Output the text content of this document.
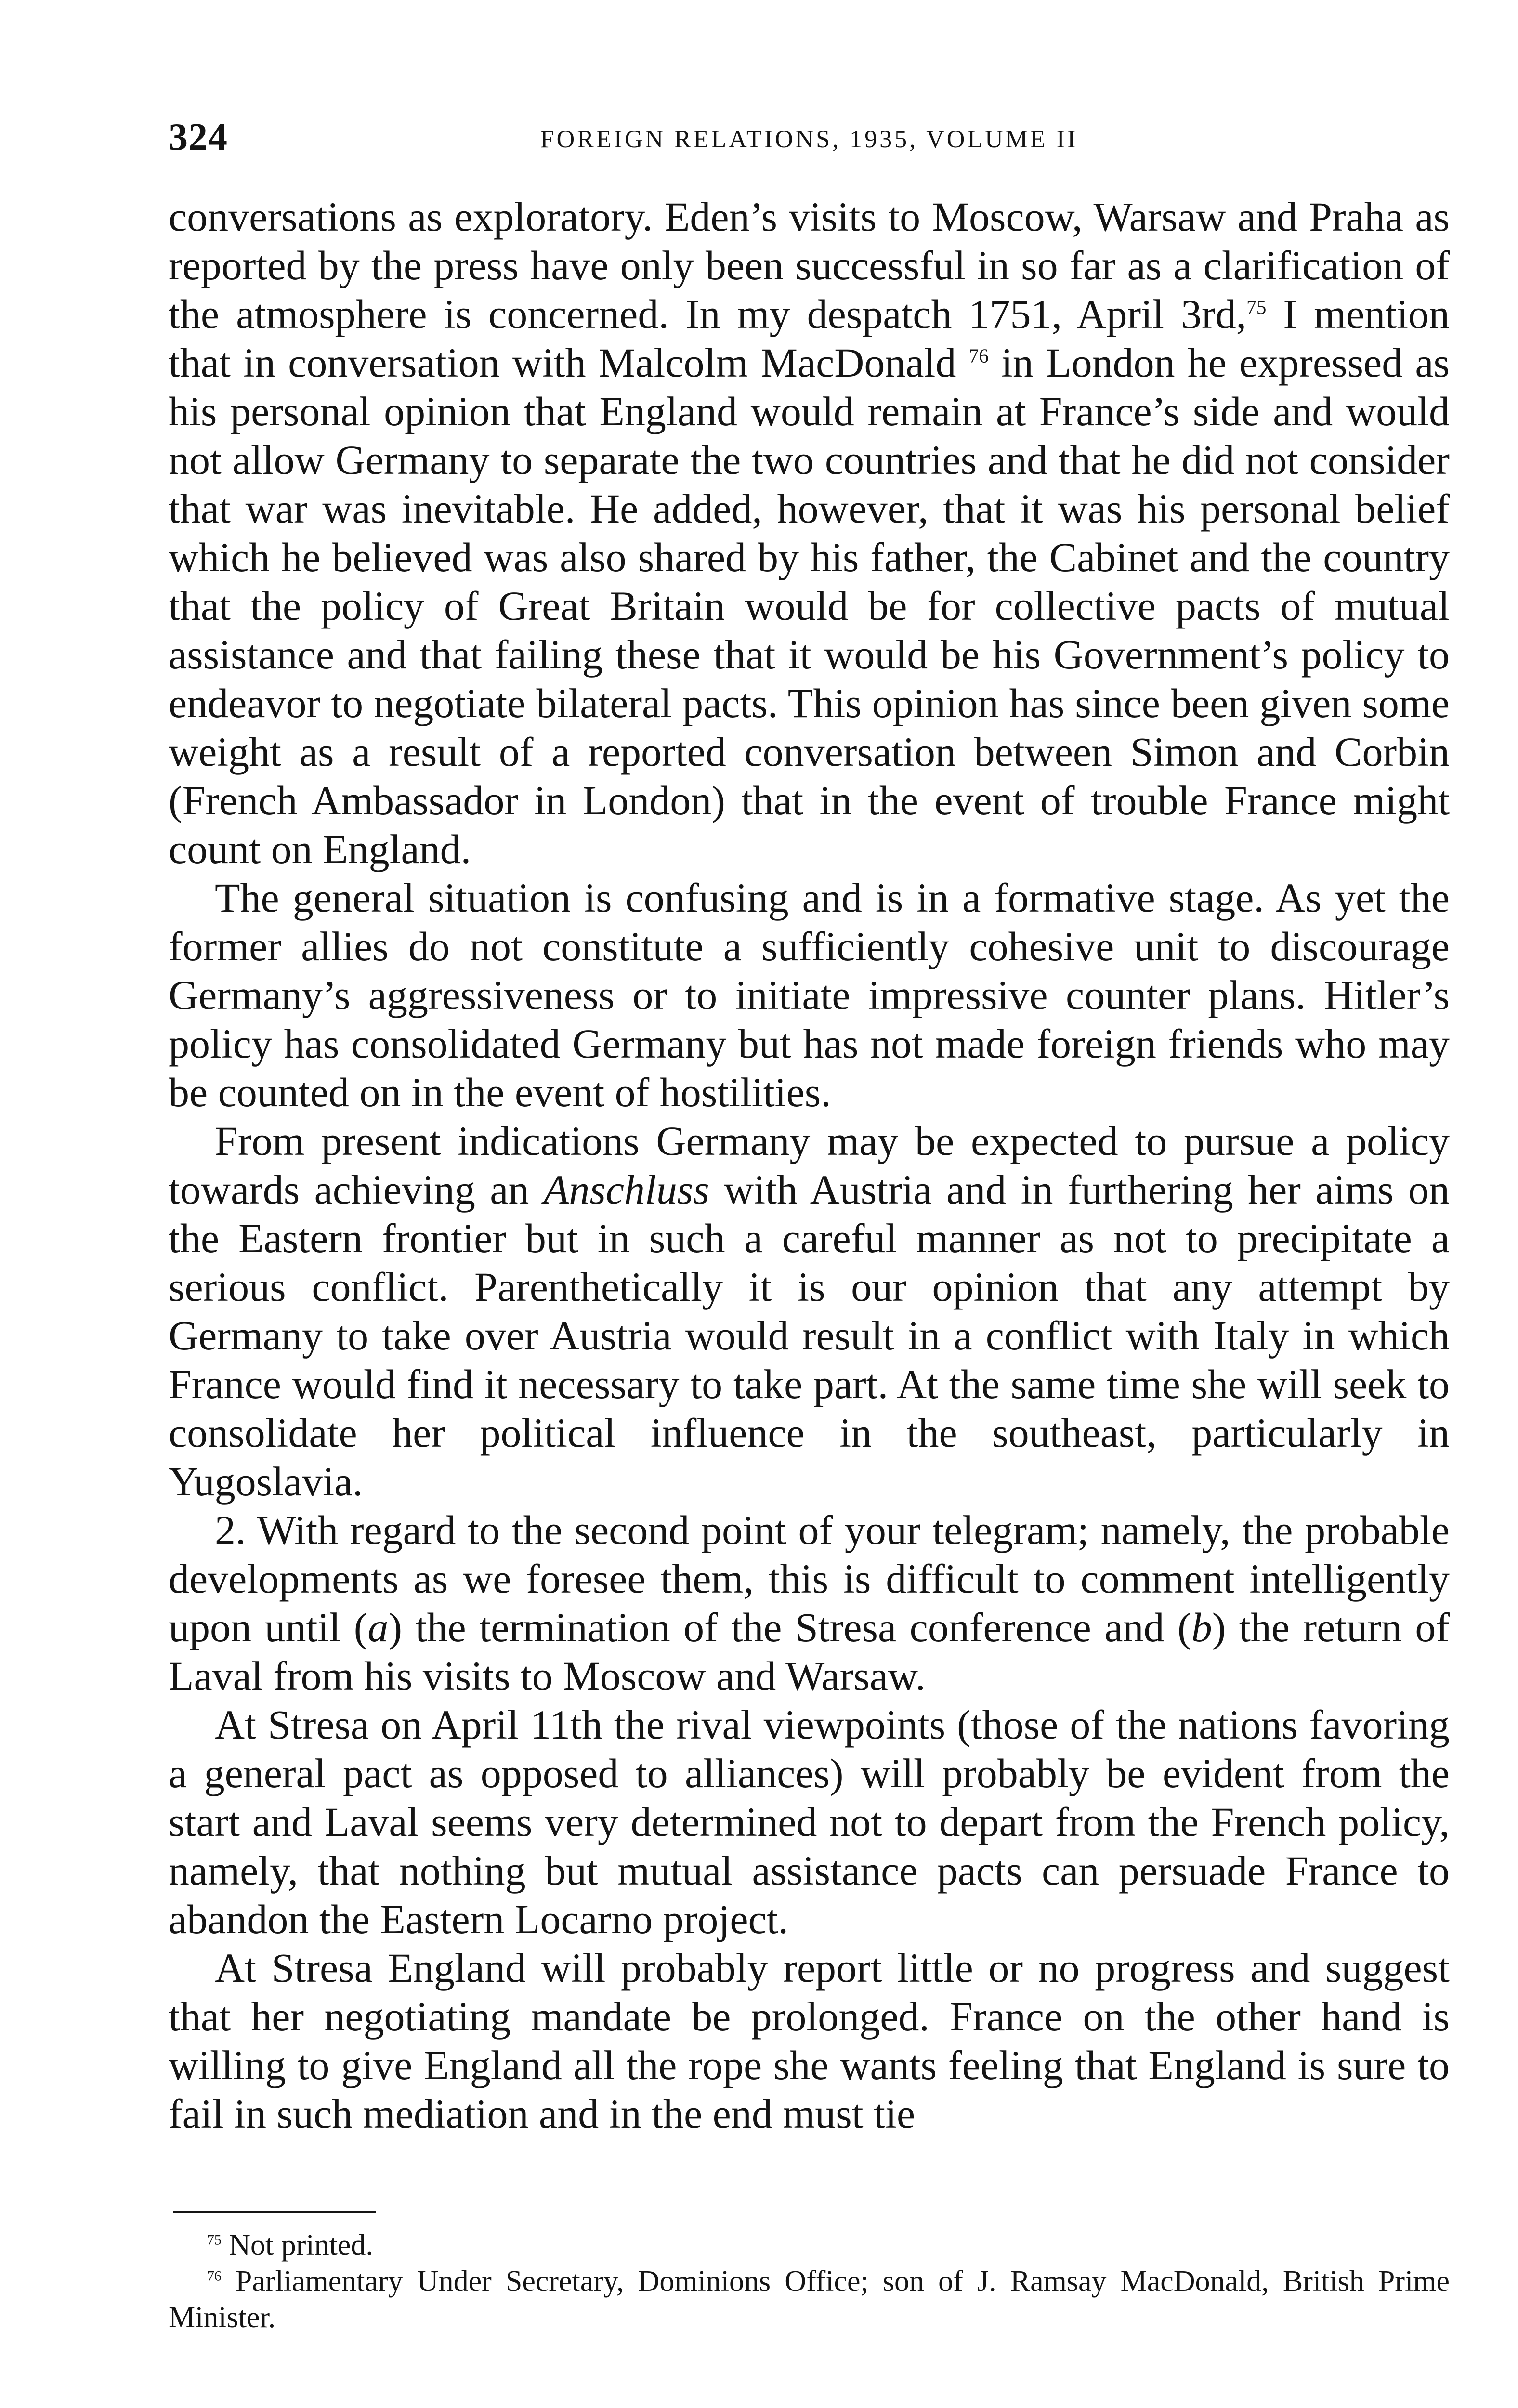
324	FOREIGN RELATIONS, 1935, VOLUME II

conversations as exploratory. Eden’s visits to Moscow, Warsaw and Praha as reported by the press have only been successful in so far as a clarification of the atmosphere is concerned. In my despatch 1751, April 3rd,$^{75}$ I mention that in conversation with Malcolm MacDonald $^{76}$ in London he expressed as his personal opinion that England would remain at France’s side and would not allow Germany to separate the two countries and that he did not consider that war was inevitable. He added, however, that it was his personal belief which he believed was also shared by his father, the Cabinet and the country that the policy of Great Britain would be for collective pacts of mutual assistance and that failing these that it would be his Government’s policy to endeavor to negotiate bilateral pacts. This opinion has since been given some weight as a result of a reported conversation between Simon and Corbin (French Ambassador in London) that in the event of trouble France might count on England.

The general situation is confusing and is in a formative stage. As yet the former allies do not constitute a sufficiently cohesive unit to discourage Germany’s aggressiveness or to initiate impressive counter plans. Hitler’s policy has consolidated Germany but has not made foreign friends who may be counted on in the event of hostilities.

From present indications Germany may be expected to pursue a policy towards achieving an Anschluss with Austria and in furthering her aims on the Eastern frontier but in such a careful manner as not to precipitate a serious conflict. Parenthetically it is our opinion that any attempt by Germany to take over Austria would result in a conflict with Italy in which France would find it necessary to take part. At the same time she will seek to consolidate her political influence in the southeast, particularly in Yugoslavia.

2. With regard to the second point of your telegram; namely, the probable developments as we foresee them, this is difficult to comment intelligently upon until (a) the termination of the Stresa conference and (b) the return of Laval from his visits to Moscow and Warsaw.

At Stresa on April 11th the rival viewpoints (those of the nations favoring a general pact as opposed to alliances) will probably be evident from the start and Laval seems very determined not to depart from the French policy, namely, that nothing but mutual assistance pacts can persuade France to abandon the Eastern Locarno project.

At Stresa England will probably report little or no progress and suggest that her negotiating mandate be prolonged. France on the other hand is willing to give England all the rope she wants feeling that England is sure to fail in such mediation and in the end must tie

$^{75}$ Not printed.

$^{76}$ Parliamentary Under Secretary, Dominions Office; son of J. Ramsay MacDonald, British Prime Minister.
